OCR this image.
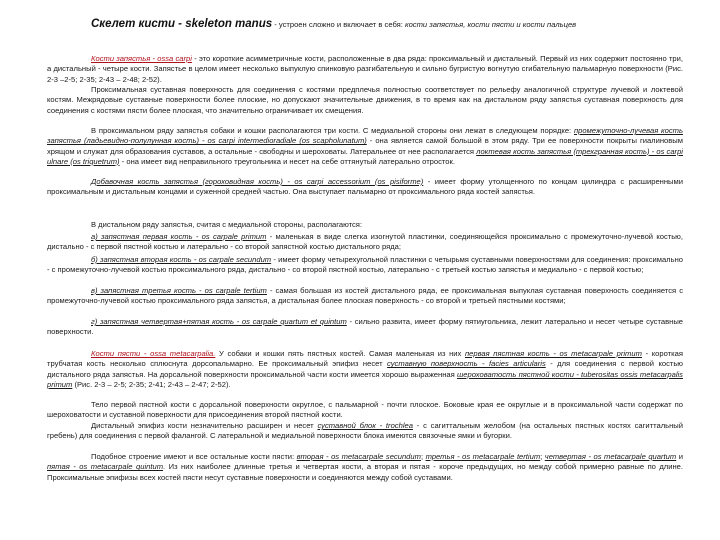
Скелет кисти - skeleton manus - устроен сложно и включает в себя: кости запястья, кости пясти и кости пальцев

Кости запястья - ossa carpi - это короткие асимметричные кости, расположенные в два ряда: проксимальный и дистальный. Первый из них содержит постоянно три, а дистальный - четыре кости. Запястье в целом имеет несколько выпуклую спинковую разгибательную и сильно бугристую вогнутую сгибательную пальмарную поверхности (Рис. 2-3 –2-5; 2-35; 2-43 – 2-48; 2-52).

Проксимальная суставная поверхность для соединения с костями предплечья полностью соответствует по рельефу аналогичной структуре лучевой и локтевой костям. Межрядовые суставные поверхности более плоские, но допускают значительные движения, в то время как на дистальном ряду запястья суставная поверхность для соединения с костями пясти более плоская, что значительно ограничивает их смещения.

В проксимальном ряду запястья собаки и кошки располагаются три кости. С медиальной стороны они лежат в следующем порядке: промежуточно-лучевая кость запястья (ладьевидно-полулунная кость) - os carpi intermedioradiale (os scapholunatum) - она является самой большой в этом ряду. Три ее поверхности покрыты гиалиновым хрящом и служат для образования суставов, а остальные - свободны и шероховаты. Латеральнее от нее располагается локтевая кость запястья (трехгранная кость) - os carpi ulnare (os triquetrum) - она имеет вид неправильного треугольника и несет на себе оттянутый латерально отросток.

Добавочная кость запястья (гороховидная кость) - os carpi accessorium (os pisiforme) - имеет форму утолщенного по концам цилиндра с расширенными проксимальным и дистальным концами и суженной средней частью. Она выступает пальмарно от проксимального ряда костей запястья.

В дистальном ряду запястья, считая с медиальной стороны, располагаются:

а) запястная первая кость - os carpale primum - маленькая в виде слегка изогнутой пластинки, соединяющейся проксимально с промежуточно-лучевой костью, дистально - с первой пястной костью и латерально - со второй запястной костью дистального ряда;

б) запястная вторая кость - os carpale secundum - имеет форму четырехугольной пластинки с четырьмя суставными поверхностями для соединения: проксимально - с промежуточно-лучевой костью проксимального ряда, дистально - со второй пястной костью, латерально - с третьей костью запястья и медиально - с первой костью;

в) запястная третья кость - os carpale tertium - самая большая из костей дистального ряда, ее проксимальная выпуклая суставная поверхность соединяется с промежуточно-лучевой костью проксимального ряда запястья, а дистальная более плоская поверхность - со второй и третьей пястными костями;

г) запястная четвертая+пятая кость - os carpale quartum et quintum - сильно развита, имеет форму пятиугольника, лежит латерально и несет четыре суставные поверхности.

Кости пясти - ossa metacarpalia. У собаки и кошки пять пястных костей. Самая маленькая из них первая пястная кость - os metacarpale primum - короткая трубчатая кость несколько сплюснута дорсопальмарно. Ее проксимальный эпифиз несет суставную поверхность - facies articularis - для соединения с первой костью дистального ряда запястья. На дорсальной поверхности проксимальной части кости имеется хорошо выраженная шероховатость пястной кости - tuberositas ossis metacarpalis primum (Рис. 2-3 – 2-5; 2-35; 2-41; 2-43 – 2-47; 2-52).

Тело первой пястной кости с дорсальной поверхности округлое, с пальмарной - почти плоское. Боковые края ее округлые и в проксимальной части содержат по шероховатости и суставной поверхности для присоединения второй пястной кости.

Дистальный эпифиз кости незначительно расширен и несет суставной блок - trochlea - с сагиттальным желобом (на остальных пястных костях сагиттальный гребень) для соединения с первой фалангой. С латеральной и медиальной поверхности блока имеются связочные ямки и бугорки.

Подобное строение имеют и все остальные кости пясти: вторая - os metacarpale secundum; третья - os metacarpale tertium; четвертая - os metacarpale quartum и пятая - os metacarpale quintum. Из них наиболее длинные третья и четвертая кости, а вторая и пятая - короче предыдущих, но между собой примерно равные по длине. Проксимальные эпифизы всех костей пясти несут суставные поверхности и соединяются между собой суставами.
